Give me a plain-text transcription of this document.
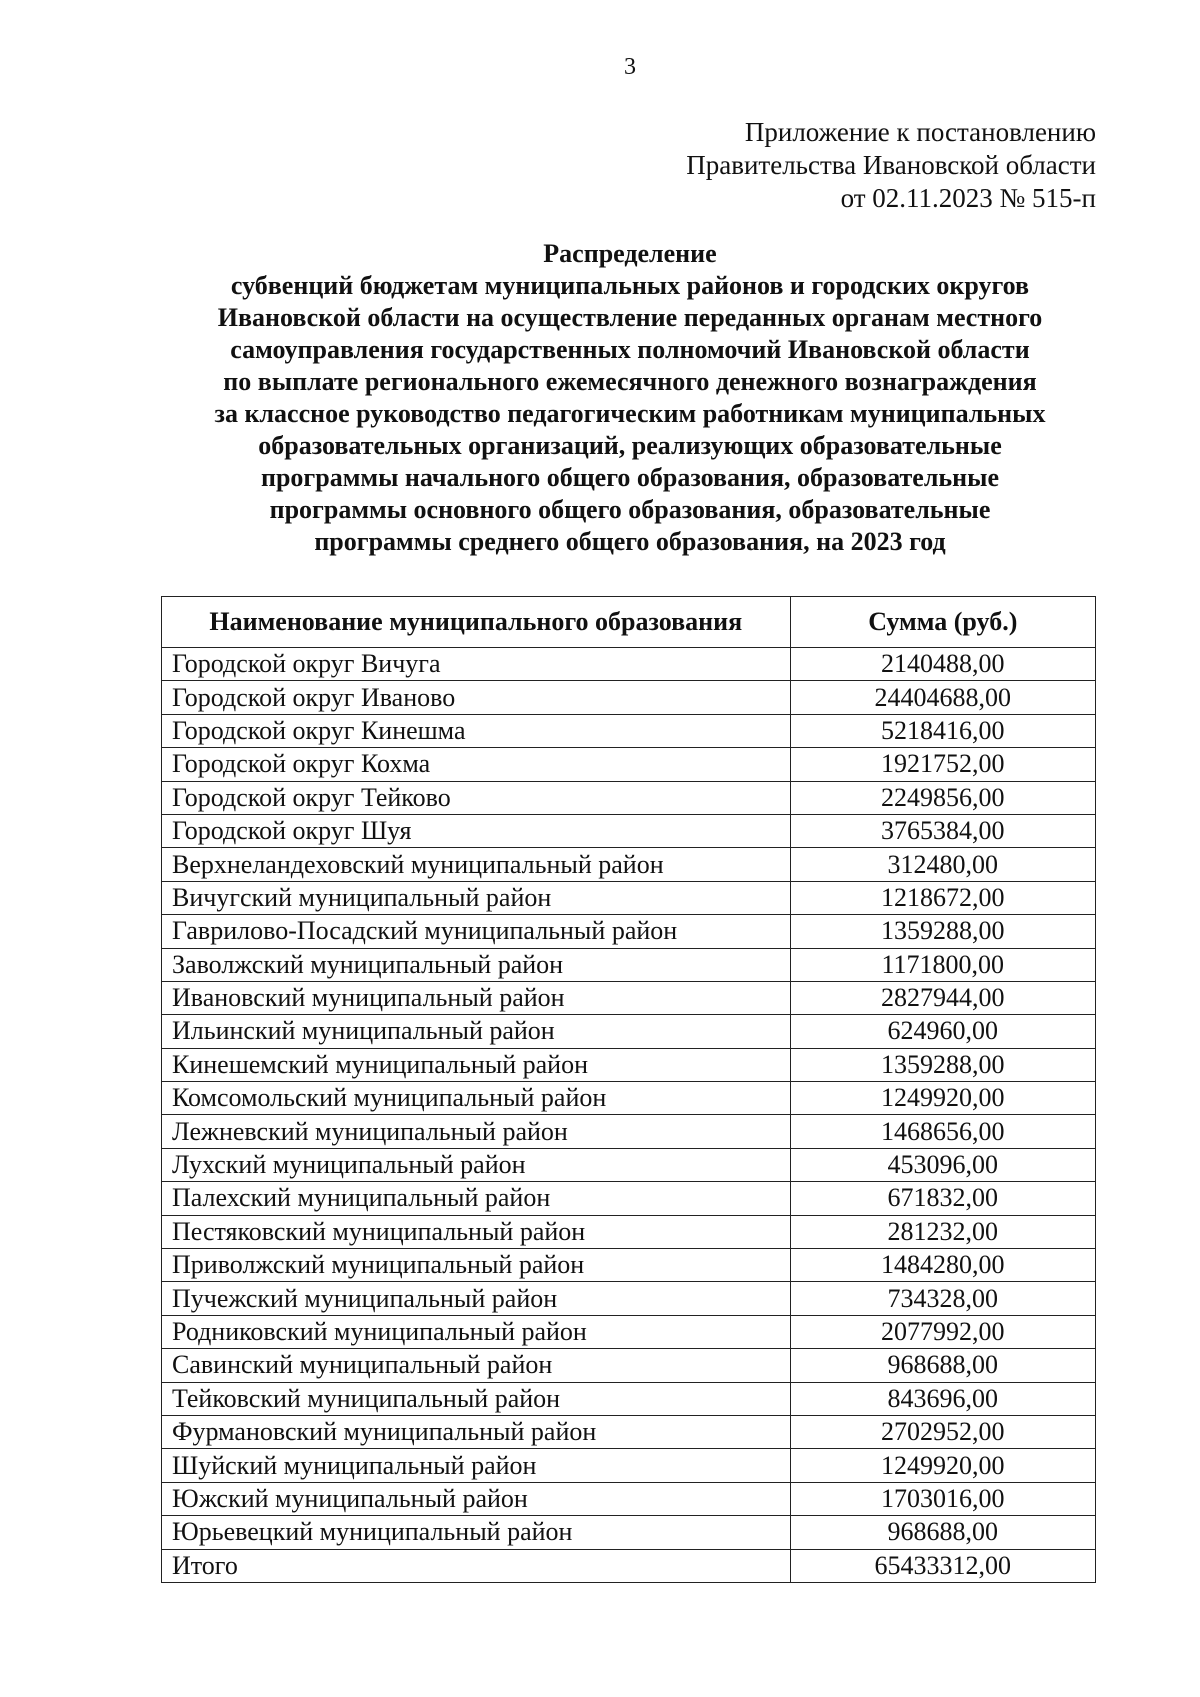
3
Приложение к постановлению
Правительства Ивановской области
от 02.11.2023 № 515-п
Распределение
субвенций бюджетам муниципальных районов и городских округов
Ивановской области на осуществление переданных органам местного
самоуправления государственных полномочий Ивановской области
по выплате регионального ежемесячного денежного вознаграждения
за классное руководство педагогическим работникам муниципальных
образовательных организаций, реализующих образовательные
программы начального общего образования, образовательные
программы основного общего образования, образовательные
программы среднего общего образования, на 2023 год
Наименование муниципального образования	Сумма (руб.)
Городской округ Вичуга	2140488,00
Городской округ Иваново	24404688,00
Городской округ Кинешма	5218416,00
Городской округ Кохма	1921752,00
Городской округ Тейково	2249856,00
Городской округ Шуя	3765384,00
Верхнеландеховский муниципальный район	312480,00
Вичугский муниципальный район	1218672,00
Гаврилово-Посадский муниципальный район	1359288,00
Заволжский муниципальный район	1171800,00
Ивановский муниципальный район	2827944,00
Ильинский муниципальный район	624960,00
Кинешемский муниципальный район	1359288,00
Комсомольский муниципальный район	1249920,00
Лежневский муниципальный район	1468656,00
Лухский муниципальный район	453096,00
Палехский муниципальный район	671832,00
Пестяковский муниципальный район	281232,00
Приволжский муниципальный район	1484280,00
Пучежский муниципальный район	734328,00
Родниковский муниципальный район	2077992,00
Савинский муниципальный район	968688,00
Тейковский муниципальный район	843696,00
Фурмановский муниципальный район	2702952,00
Шуйский муниципальный район	1249920,00
Южский муниципальный район	1703016,00
Юрьевецкий муниципальный район	968688,00
Итого	65433312,00
